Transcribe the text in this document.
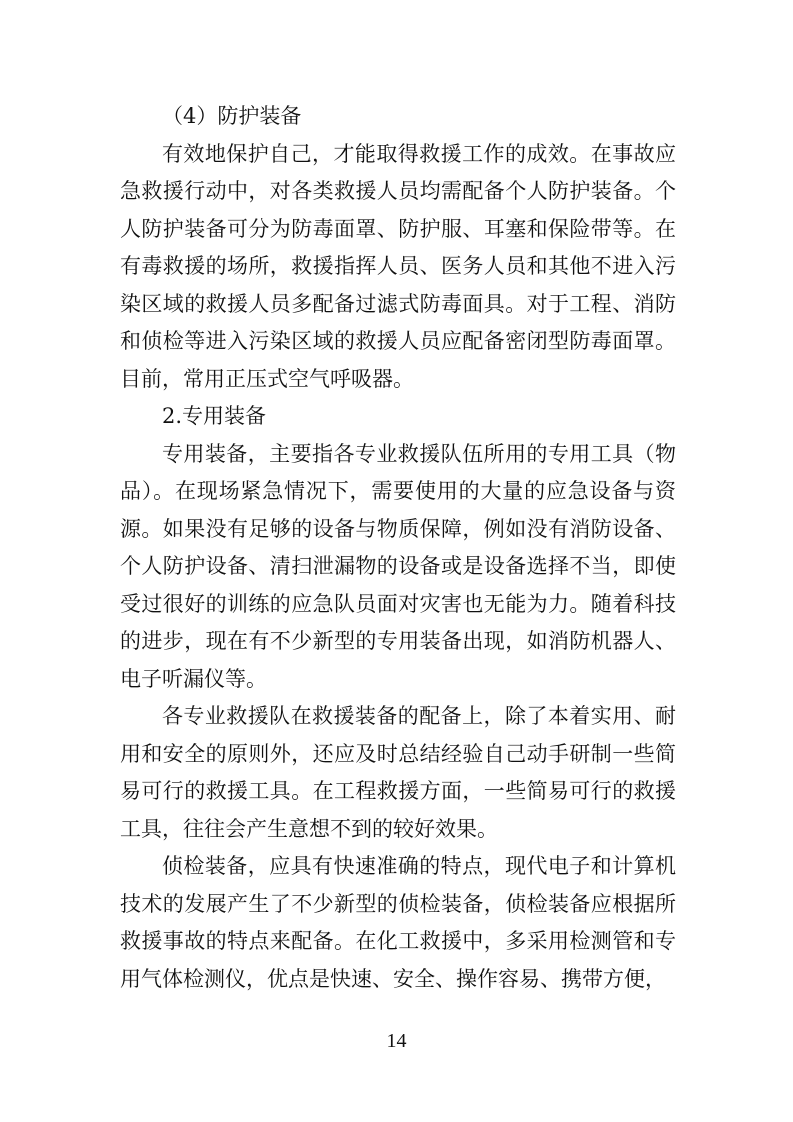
（4）防护装备

有效地保护自己，才能取得救援工作的成效。在事故应急救援行动中，对各类救援人员均需配备个人防护装备。个人防护装备可分为防毒面罩、防护服、耳塞和保险带等。在有毒救援的场所，救援指挥人员、医务人员和其他不进入污染区域的救援人员多配备过滤式防毒面具。对于工程、消防和侦检等进入污染区域的救援人员应配备密闭型防毒面罩。目前，常用正压式空气呼吸器。

2.专用装备

专用装备，主要指各专业救援队伍所用的专用工具（物品）。在现场紧急情况下，需要使用的大量的应急设备与资源。如果没有足够的设备与物质保障，例如没有消防设备、个人防护设备、清扫泄漏物的设备或是设备选择不当，即使受过很好的训练的应急队员面对灾害也无能为力。随着科技的进步，现在有不少新型的专用装备出现，如消防机器人、电子听漏仪等。

各专业救援队在救援装备的配备上，除了本着实用、耐用和安全的原则外，还应及时总结经验自己动手研制一些简易可行的救援工具。在工程救援方面，一些简易可行的救援工具，往往会产生意想不到的较好效果。

侦检装备，应具有快速准确的特点，现代电子和计算机技术的发展产生了不少新型的侦检装备，侦检装备应根据所救援事故的特点来配备。在化工救援中，多采用检测管和专用气体检测仪，优点是快速、安全、操作容易、携带方便，

14
